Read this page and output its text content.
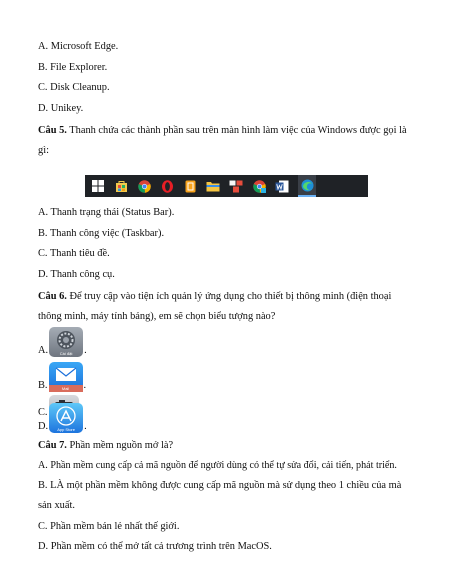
A. Microsoft Edge.
B. File Explorer.
C. Disk Cleanup.
D. Unikey.
Câu 5. Thanh chứa các thành phần sau trên màn hình làm việc của Windows được gọi là
gì:
A. Thanh trạng thái (Status Bar).
B. Thanh công việc (Taskbar).
C. Thanh tiêu đề.
D. Thanh công cụ.
Câu 6. Để truy cập vào tiện ích quản lý ứng dụng cho thiết bị thông minh (điện thoại
thông minh, máy tính bảng), em sẽ chọn biểu tượng nào?
A.	Cài đặt	.
B.	Mail	.
C.
D.	App Store .
Câu 7. Phần mềm nguồn mở là?
A. Phần mềm cung cấp cả mã nguồn để người dùng có thể tự sửa đổi, cải tiến, phát triển.
B. LÀ một phần mềm không được cung cấp mã nguồn mà sử dụng theo 1 chiều của mà
sản xuất.
C. Phần mềm bán lẻ nhất thế giới.
D. Phần mềm có thể mở tất cả trương trình trên MacOS.
